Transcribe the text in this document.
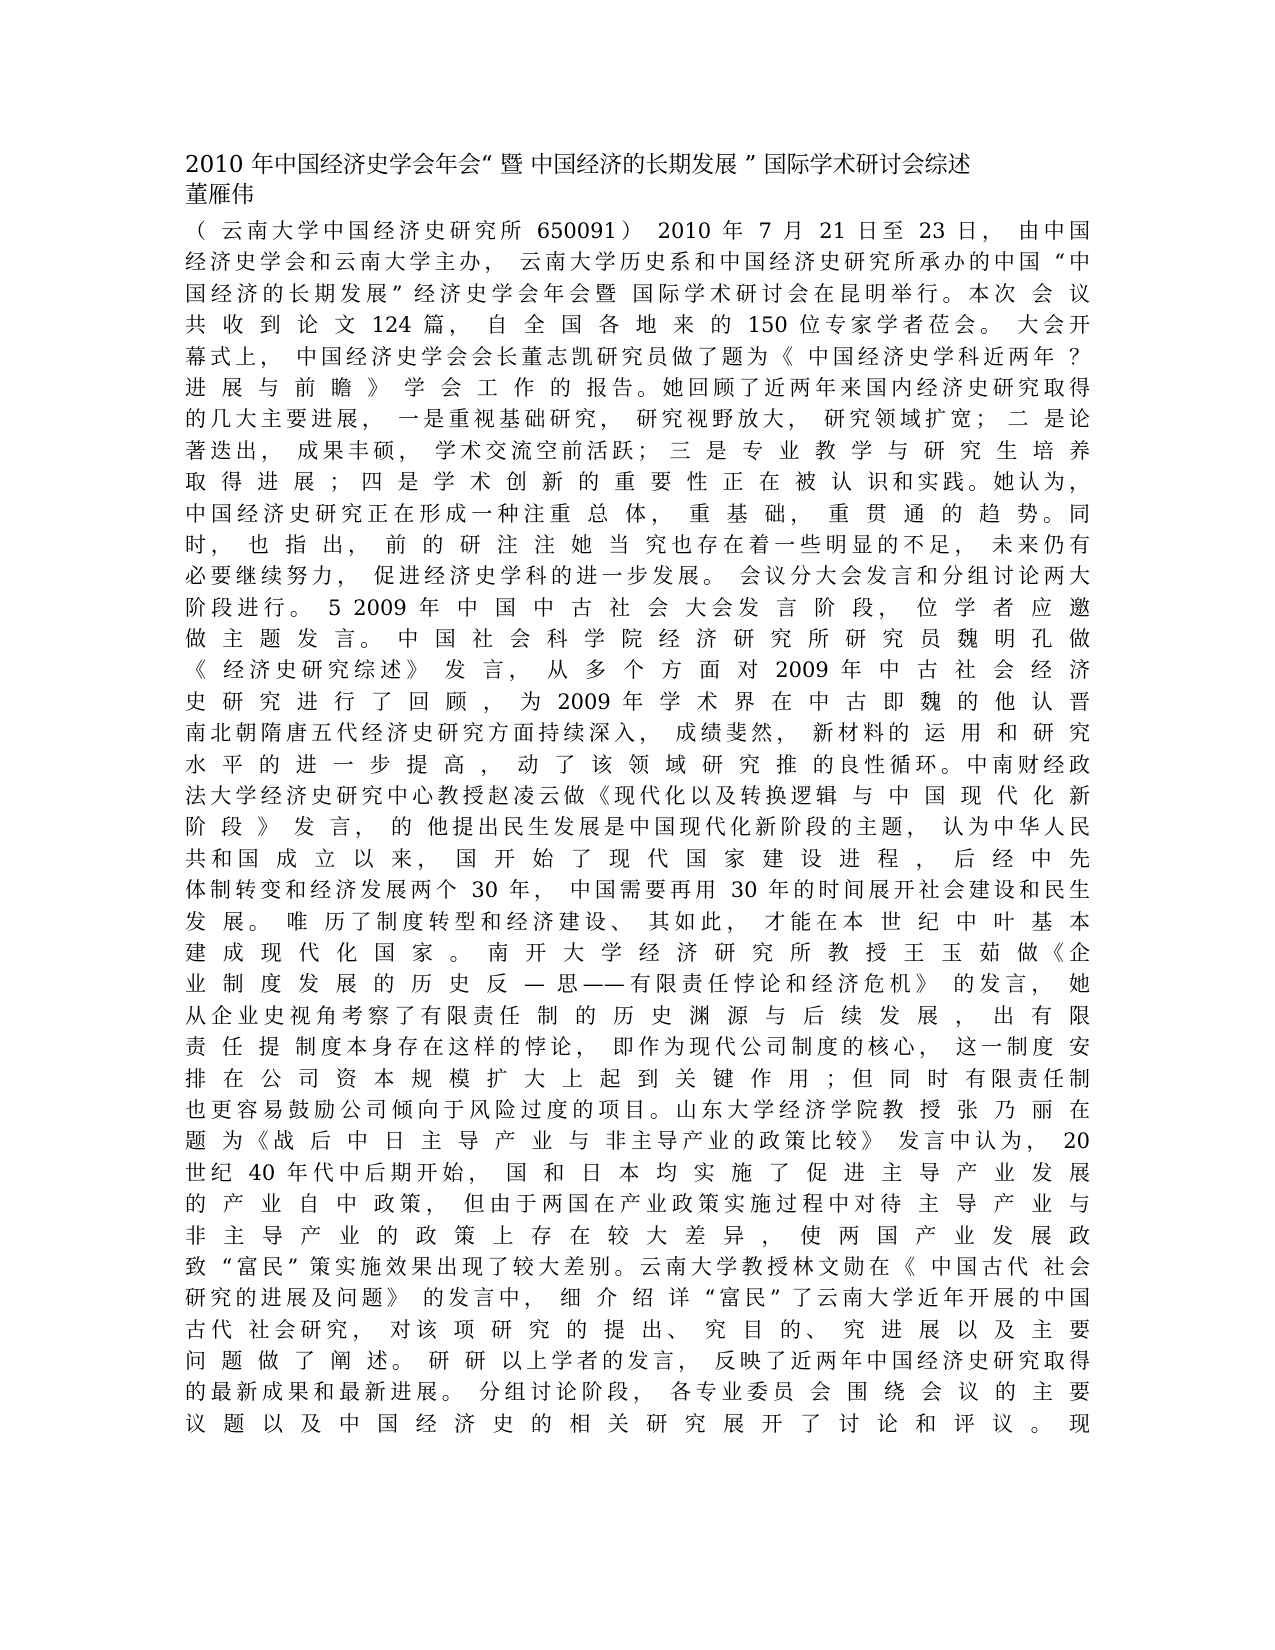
2010 年中国经济史学会年会“ 暨 中国经济的长期发展 ” 国际学术研讨会综述

董雁伟

（ 云南大学中国经济史研究所 650091） 2010 年 7 月 21 日至 23 日， 由中国
经济史学会和云南大学主办， 云南大学历史系和中国经济史研究所承办的中国 “中
国经济的长期发展” 经济史学会年会暨 国际学术研讨会在昆明举行。本次 会 议
共 收 到 论 文 124 篇， 自 全 国 各 地 来 的 150 位专家学者莅会。 大会开
幕式上， 中国经济史学会会长董志凯研究员做了题为《 中国经济史学科近两年 ？
进 展 与 前 瞻 》 学 会 工 作 的 报告。她回顾了近两年来国内经济史研究取得
的几大主要进展， 一是重视基础研究， 研究视野放大， 研究领域扩宽； 二 是论
著迭出， 成果丰硕， 学术交流空前活跃； 三 是 专 业 教 学 与 研 究 生 培 养
取 得 进 展 ； 四 是 学 术 创 新 的 重 要 性 正 在 被 认 识和实践。她认为，
中国经济史研究正在形成一种注重 总 体， 重 基 础， 重 贯 通 的 趋 势。同
时， 也 指 出， 前 的 研 注 注 她 当 究也存在着一些明显的不足， 未来仍有
必要继续努力， 促进经济史学科的进一步发展。 会议分大会发言和分组讨论两大
阶段进行。 5 2009 年 中 国 中 古 社 会 大会发 言 阶 段， 位 学 者 应 邀
做 主 题 发 言。 中 国 社 会 科 学 院 经 济 研 究 所 研 究 员 魏 明 孔 做
《 经济史研究综述》 发 言， 从 多 个 方 面 对 2009 年 中 古 社 会 经 济
史 研 究 进 行 了 回 顾 ， 为 2009 年 学 术 界 在 中 古 即 魏 的 他 认 晋
南北朝隋唐五代经济史研究方面持续深入， 成绩斐然， 新材料的 运 用 和 研 究
水 平 的 进 一 步 提 高 ， 动 了 该 领 域 研 究 推 的良性循环。中南财经政
法大学经济史研究中心教授赵凌云做《现代化以及转换逻辑 与 中 国 现 代 化 新
阶 段 》 发 言， 的 他提出民生发展是中国现代化新阶段的主题， 认为中华人民
共和国 成 立 以 来， 国 开 始 了 现 代 国 家 建 设 进 程 ， 后 经 中 先
体制转变和经济发展两个 30 年， 中国需要再用 30 年的时间展开社会建设和民生
发 展。 唯 历了制度转型和经济建设、 其如此， 才能在本 世 纪 中 叶 基 本
建 成 现 代 化 国 家 。 南 开 大 学 经 济 研 究 所 教 授 王 玉 茹 做《企
业 制 度 发 展 的 历 史 反 — 思——有限责任悖论和经济危机》 的发言， 她
从企业史视角考察了有限责任 制 的 历 史 渊 源 与 后 续 发 展 ， 出 有 限
责 任 提 制度本身存在这样的悖论， 即作为现代公司制度的核心， 这一制度 安
排 在 公 司 资 本 规 模 扩 大 上 起 到 关 键 作 用 ；但 同 时 有限责任制
也更容易鼓励公司倾向于风险过度的项目。山东大学经济学院教 授 张 乃 丽 在
题 为《战 后 中 日 主 导 产 业 与 非主导产业的政策比较》 发言中认为， 20
世纪 40 年代中后期开始， 国 和 日 本 均 实 施 了 促 进 主 导 产 业 发 展
的 产 业 自 中 政策， 但由于两国在产业政策实施过程中对待 主 导 产 业 与
非 主 导 产 业 的 政 策 上 存 在 较 大 差 异 ， 使 两 国 产 业 发 展 政
致 “富民” 策实施效果出现了较大差别。云南大学教授林文勋在《 中国古代 社会
研究的进展及问题》 的发言中， 细 介 绍 详 “富民” 了云南大学近年开展的中国
古代 社会研究， 对该 项 研 究 的 提 出、 究 目 的、 究 进 展 以 及 主 要
问 题 做 了 阐 述。 研 研 以上学者的发言， 反映了近两年中国经济史研究取得
的最新成果和最新进展。 分组讨论阶段， 各专业委员 会 围 绕 会 议 的 主 要
议 题 以 及 中 国 经 济 史 的 相 关 研 究 展 开 了 讨 论 和 评 议 。 现
